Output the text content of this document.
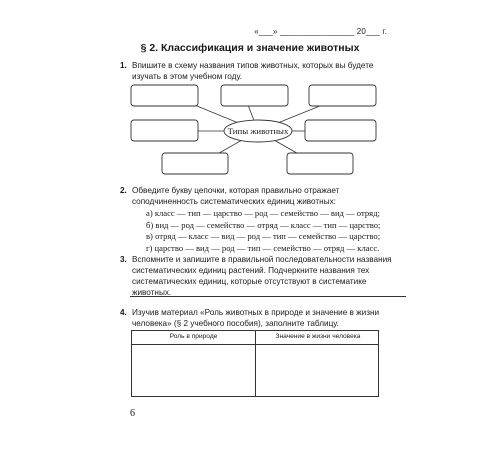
«___» ________________ 20___ г.
§ 2. Классификация и значение животных
1. Впишите в схему названия типов животных, которых вы будете изучать в этом учебном году.
Типы животных
2. Обведите букву цепочки, которая правильно отражает соподчиненность систематических единиц животных:
а) класс — тип — царство — род — семейство — вид — отряд;
б) вид — род — семейство — отряд — класс — тип — царство;
в) отряд — класс — вид — род — тип — семейство — царство;
г) царство — вид — род — тип — семейство — отряд — класс.
3. Вспомните и запишите в правильной последовательности названия систематических единиц растений. Подчеркните названия тех систематических единиц, которые отсутствуют в систематике животных.
4. Изучив материал «Роль животных в природе и значение в жизни человека» (§ 2 учебного пособия), заполните таблицу.
Роль в природе	Значение в жизни человека
6	universal.by
